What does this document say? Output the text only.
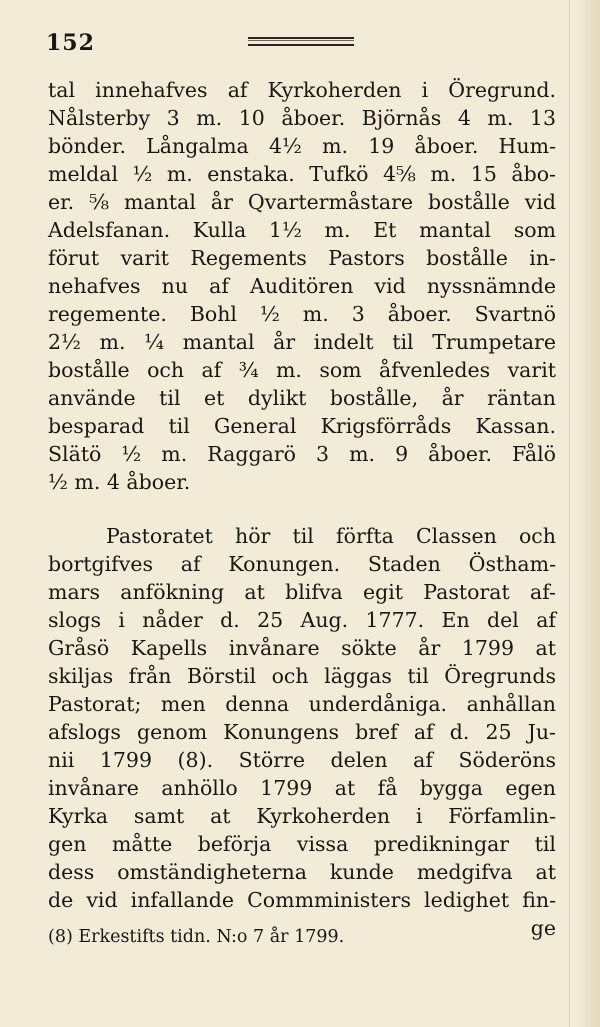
152
tal innehafves af Kyrkoherden i Öregrund.
Nålsterby 3 m. 10 åboer. Björnås 4 m. 13
bönder. Långalma 4½ m. 19 åboer. Hum-
meldal ½ m. enstaka. Tufkö 4⅝ m. 15 åbo-
er. ⅝ mantal år Qvartermåstare bostålle vid
Adelsfanan. Kulla 1½ m. Et mantal som
förut varit Regements Pastors bostålle in-
nehafves nu af Auditören vid nyssnämnde
regemente. Bohl ½ m. 3 åboer. Svartnö
2½ m. ¼ mantal år indelt til Trumpetare
bostålle och af ¾ m. som åfvenledes varit
använde til et dylikt bostålle, år räntan
besparad til General Krigsförråds Kassan.
Slätö ½ m. Raggarö 3 m. 9 åboer. Fålö
½ m. 4 åboer.
Pastoratet hör til förfta Classen och
bortgifves af Konungen. Staden Östham-
mars anfökning at blifva egit Pastorat af-
slogs i nåder d. 25 Aug. 1777. En del af
Gråsö Kapells invånare sökte år 1799 at
skiljas från Börstil och läggas til Öregrunds
Pastorat; men denna underdåniga. anhållan
afslogs genom Konungens bref af d. 25 Ju-
nii 1799 (8). Större delen af Söderöns
invånare anhöllo 1799 at få bygga egen
Kyrka samt at Kyrkoherden i Förfamlin-
gen måtte beförja vissa predikningar til
dess omständigheterna kunde medgifva at
de vid infallande Commministers ledighet fin-
ge
(8) Erkestifts tidn. N:o 7 år 1799.
